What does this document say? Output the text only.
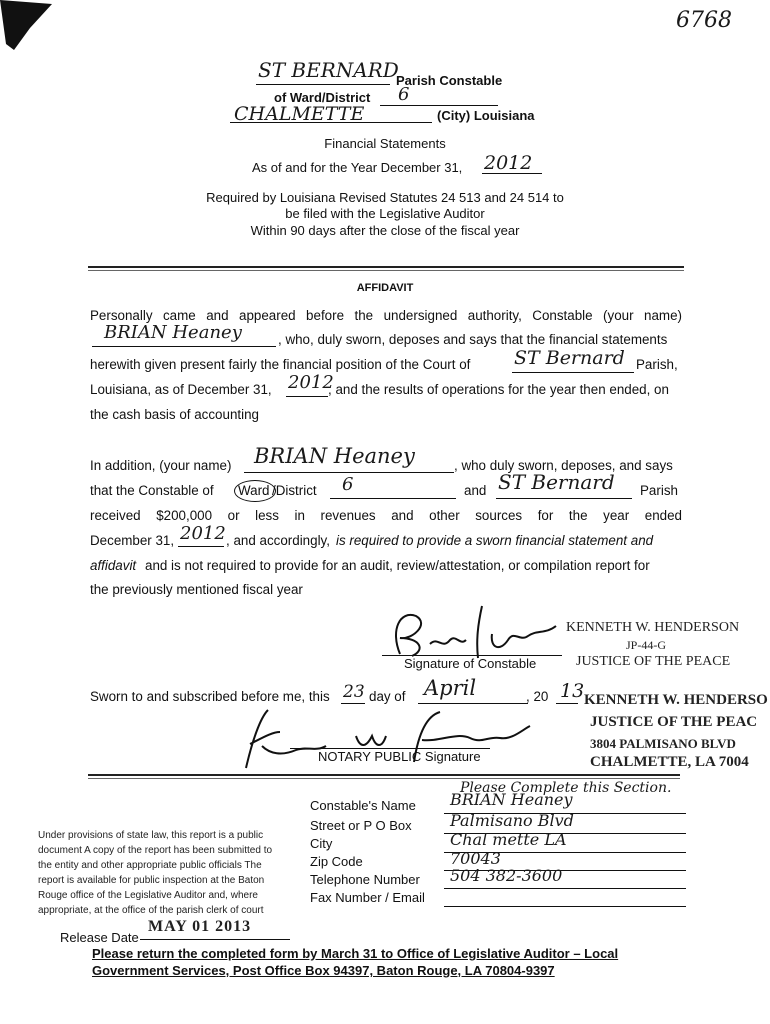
6768
ST BERNARD
Parish Constable
of Ward/District 6
CHALMETTE	(City) Louisiana
Financial Statements
As of and for the Year December 31, 2012
Required by Louisiana Revised Statutes 24 513 and 24 514 to
be filed with the Legislative Auditor
Within 90 days after the close of the fiscal year
AFFIDAVIT
Personally came and appeared before the undersigned authority, Constable (your name)
BRIAN Heaney	, who, duly sworn, deposes and says that the financial statements
herewith given present fairly the financial position of the Court of ST Bernard Parish,
Louisiana, as of December 31, 2012
, and the results of operations for the year then ended, on
the cash basis of accounting
In addition, (your name) BRIAN Heaney	, who duly sworn, deposes, and says
that the Constable of Ward /District 6	and ST Bernard Parish
received $200,000 or less in revenues and other sources for the year ended
December 31, 2012 , and accordingly, is required to provide a sworn financial statement and
affidavit and is not required to provide for an audit, review/attestation, or compilation report for
the previously mentioned fiscal year
Signature of Constable
KENNETH W. HENDERSON
JP-44-G
JUSTICE OF THE PEACE
Sworn to and subscribed before me, this 23 day of April	, 20 13
NOTARY PUBLIC Signature
KENNETH W. HENDERSO
JUSTICE OF THE PEAC
3804 PALMISANO BLVD
CHALMETTE, LA 7004
Please Complete this Section.
Constable's Name BRIAN Heaney
Street or P O Box Palmisano Blvd
City	Chal mette LA
Zip Code	70043
Telephone Number 504 382-3600
Fax Number / Email
Under provisions of state law, this report is a public
document A copy of the report has been submitted to
the entity and other appropriate public officials The
report is available for public inspection at the Baton
Rouge office of the Legislative Auditor and, where
appropriate, at the office of the parish clerk of court
Release Date
MAY 01 2013
Please return the completed form by March 31 to Office of Legislative Auditor – Local
Government Services, Post Office Box 94397, Baton Rouge, LA 70804-9397
